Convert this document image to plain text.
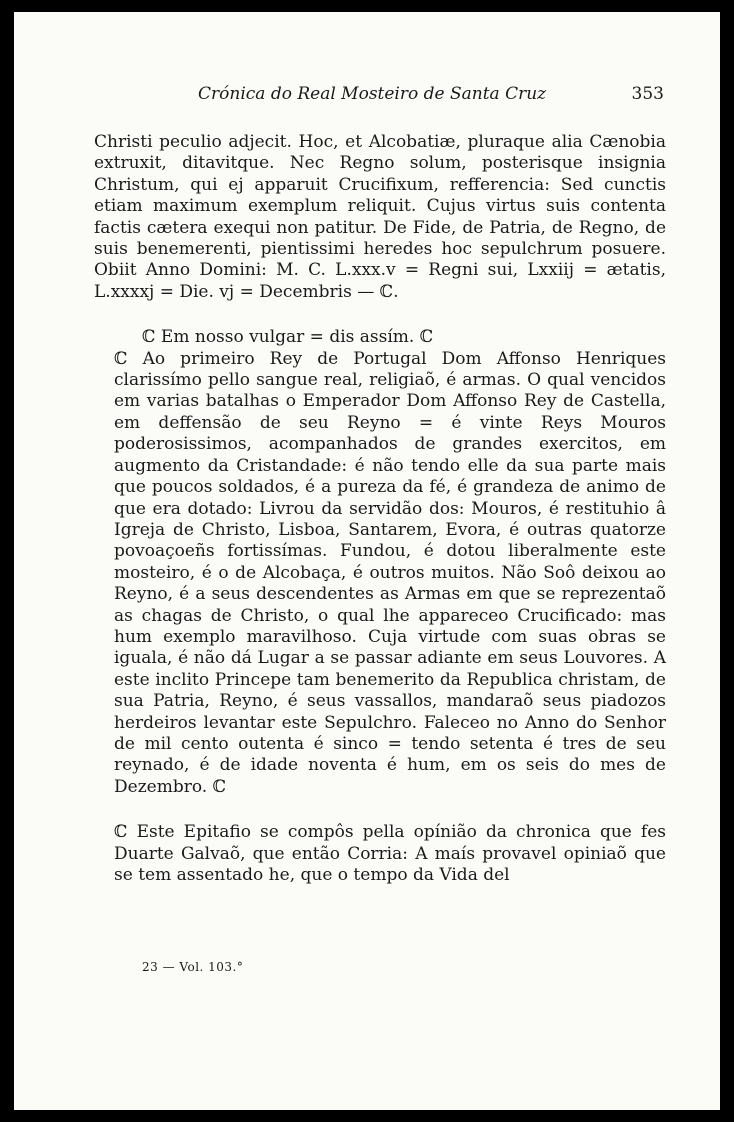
Crónica do Real Mosteiro de Santa Cruz	353

Christi peculio adjecit. Hoc, et Alcobatiæ, pluraque alia Cænobia extruxit, ditavitque. Nec Regno solum, posterisque insignia Christum, qui ej apparuit Crucifixum, refferencia: Sed cunctis etiam maximum exemplum reliquit. Cujus virtus suis contenta factis cætera exequi non patitur. De Fide, de Patria, de Regno, de suis benemerenti, pientissimi heredes hoc sepulchrum posuere. Obiit Anno Domini: M. C. L.xxx.v = Regni sui, Lxxiij = ætatis, L.xxxxj = Die. vj = Decembris — ℂ.

ℂ Em nosso vulgar = dis assím. ℂ

ℂ Ao primeiro Rey de Portugal Dom Affonso Henriques clarissímo pello sangue real, religiaõ, é armas. O qual vencidos em varias batalhas o Emperador Dom Affonso Rey de Castella, em deffensão de seu Reyno = é vinte Reys Mouros poderosissimos, acompanhados de grandes exercitos, em augmento da Cristandade: é não tendo elle da sua parte mais que poucos soldados, é a pureza da fé, é grandeza de animo de que era dotado: Livrou da servidão dos: Mouros, é restituhio â Igreja de Christo, Lisboa, Santarem, Evora, é outras quatorze povoaçoeñs fortissímas. Fundou, é dotou liberalmente este mosteiro, é o de Alcobaça, é outros muitos. Não Soô deixou ao Reyno, é a seus descendentes as Armas em que se reprezentaõ as chagas de Christo, o qual lhe appareceo Crucificado: mas hum exemplo maravilhoso. Cuja virtude com suas obras se iguala, é não dá Lugar a se passar adiante em seus Louvores. A este inclito Princepe tam benemerito da Republica christam, de sua Patria, Reyno, é seus vassallos, mandaraõ seus piadozos herdeiros levantar este Sepulchro. Faleceo no Anno do Senhor de mil cento outenta é sinco = tendo setenta é tres de seu reynado, é de idade noventa é hum, em os seis do mes de Dezembro. ℂ

ℂ Este Epitafio se compôs pella opínião da chronica que fes Duarte Galvaõ, que então Corria: A maís provavel opiniaõ que se tem assentado he, que o tempo da Vida del

23 — Vol. 103.°
